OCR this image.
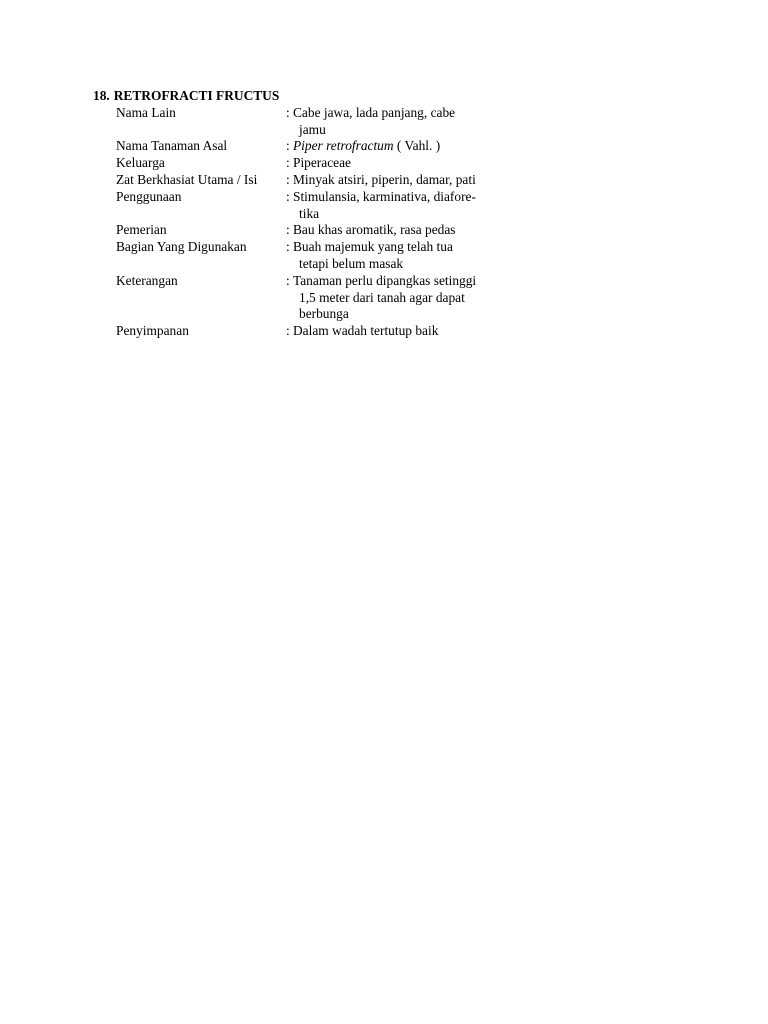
18. RETROFRACTI FRUCTUS
Nama Lain	: Cabe jawa, lada panjang, cabe
jamu
Nama Tanaman Asal	: Piper retrofractum ( Vahl. )
Keluarga	: Piperaceae
Zat Berkhasiat Utama / Isi	: Minyak atsiri, piperin, damar, pati
Penggunaan	: Stimulansia, karminativa, diafore-
tika
Pemerian	: Bau khas aromatik, rasa pedas
Bagian Yang Digunakan	: Buah majemuk yang telah tua
tetapi belum masak
Keterangan	: Tanaman perlu dipangkas setinggi
1,5 meter dari tanah agar dapat
berbunga
Penyimpanan	: Dalam wadah tertutup baik
